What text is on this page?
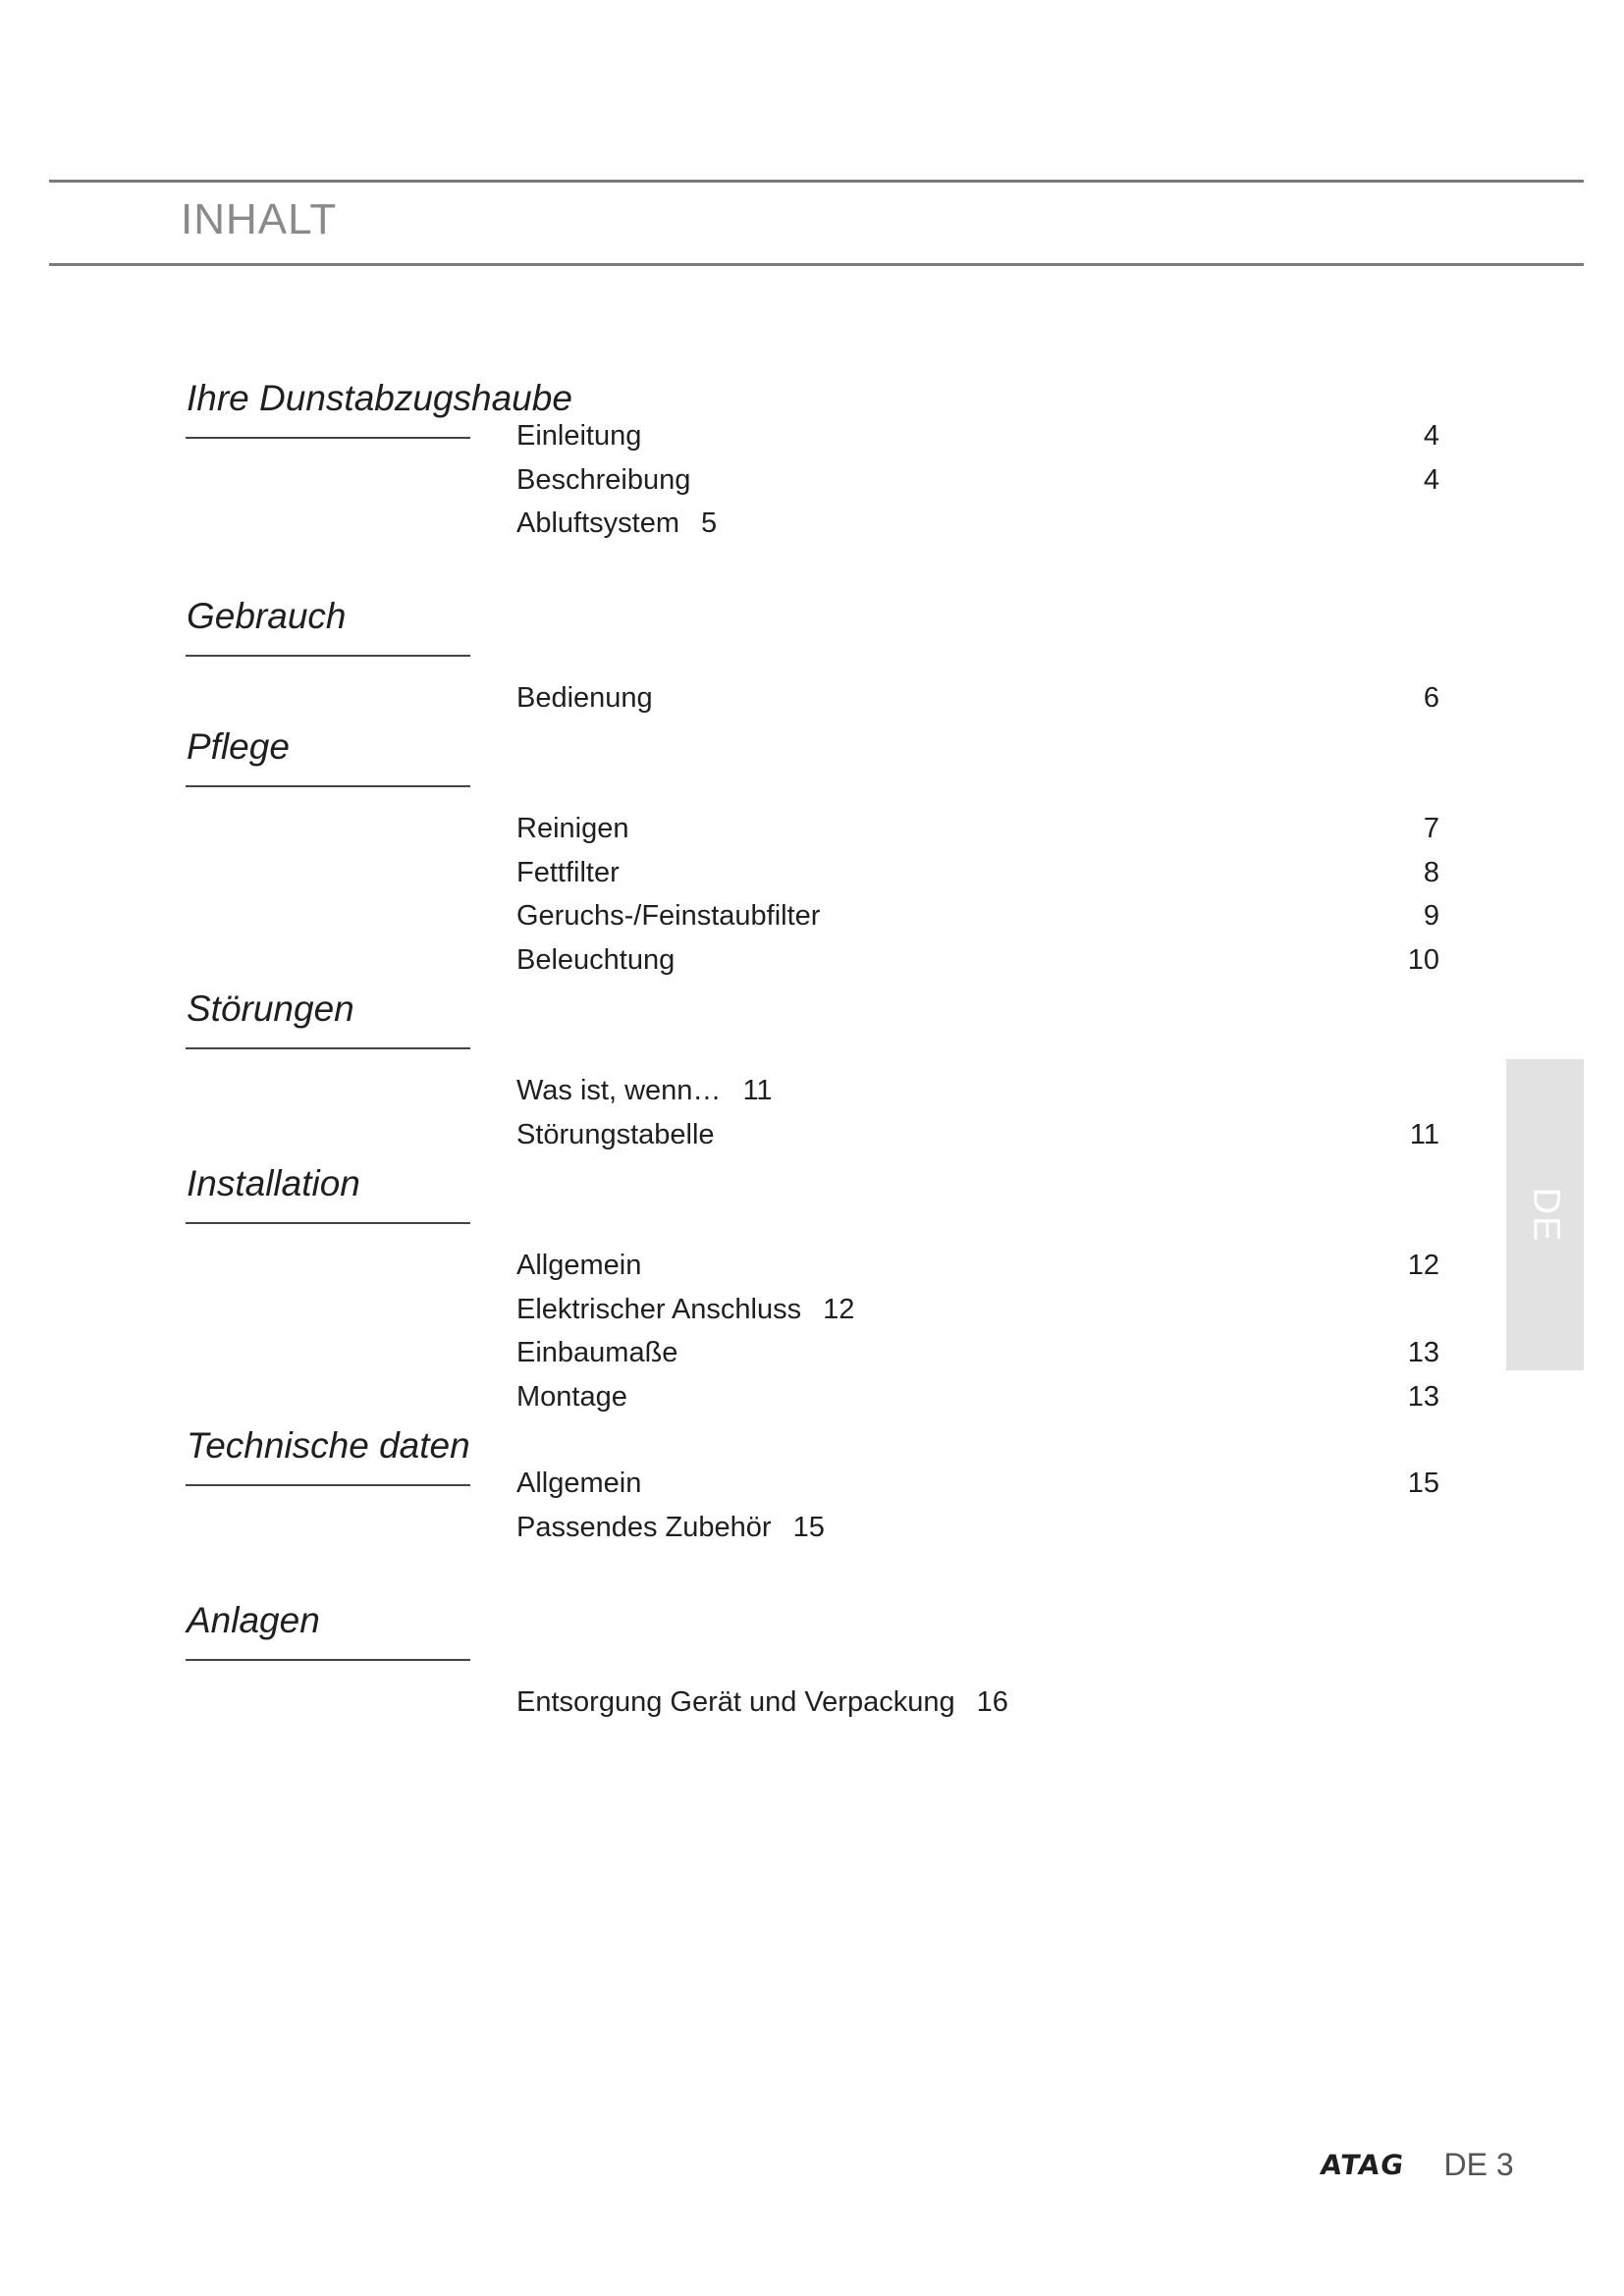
INHALT
Ihre Dunstabzugshaube
Einleitung	4
Beschreibung	4
Abluftsystem 5
Gebrauch
Bedienung	6
Pflege
Reinigen	7
Fettfilter	8
Geruchs-/Feinstaubfilter	9
Beleuchtung	10
Störungen
Was ist, wenn… 11
Störungstabelle	11
Installation
Allgemein	12
Elektrischer Anschluss 12
Einbaumaße	13
Montage	13
Technische daten
Allgemein	15
Passendes Zubehör 15
Anlagen
Entsorgung Gerät und Verpackung 16
DE
ATAG DE 3
